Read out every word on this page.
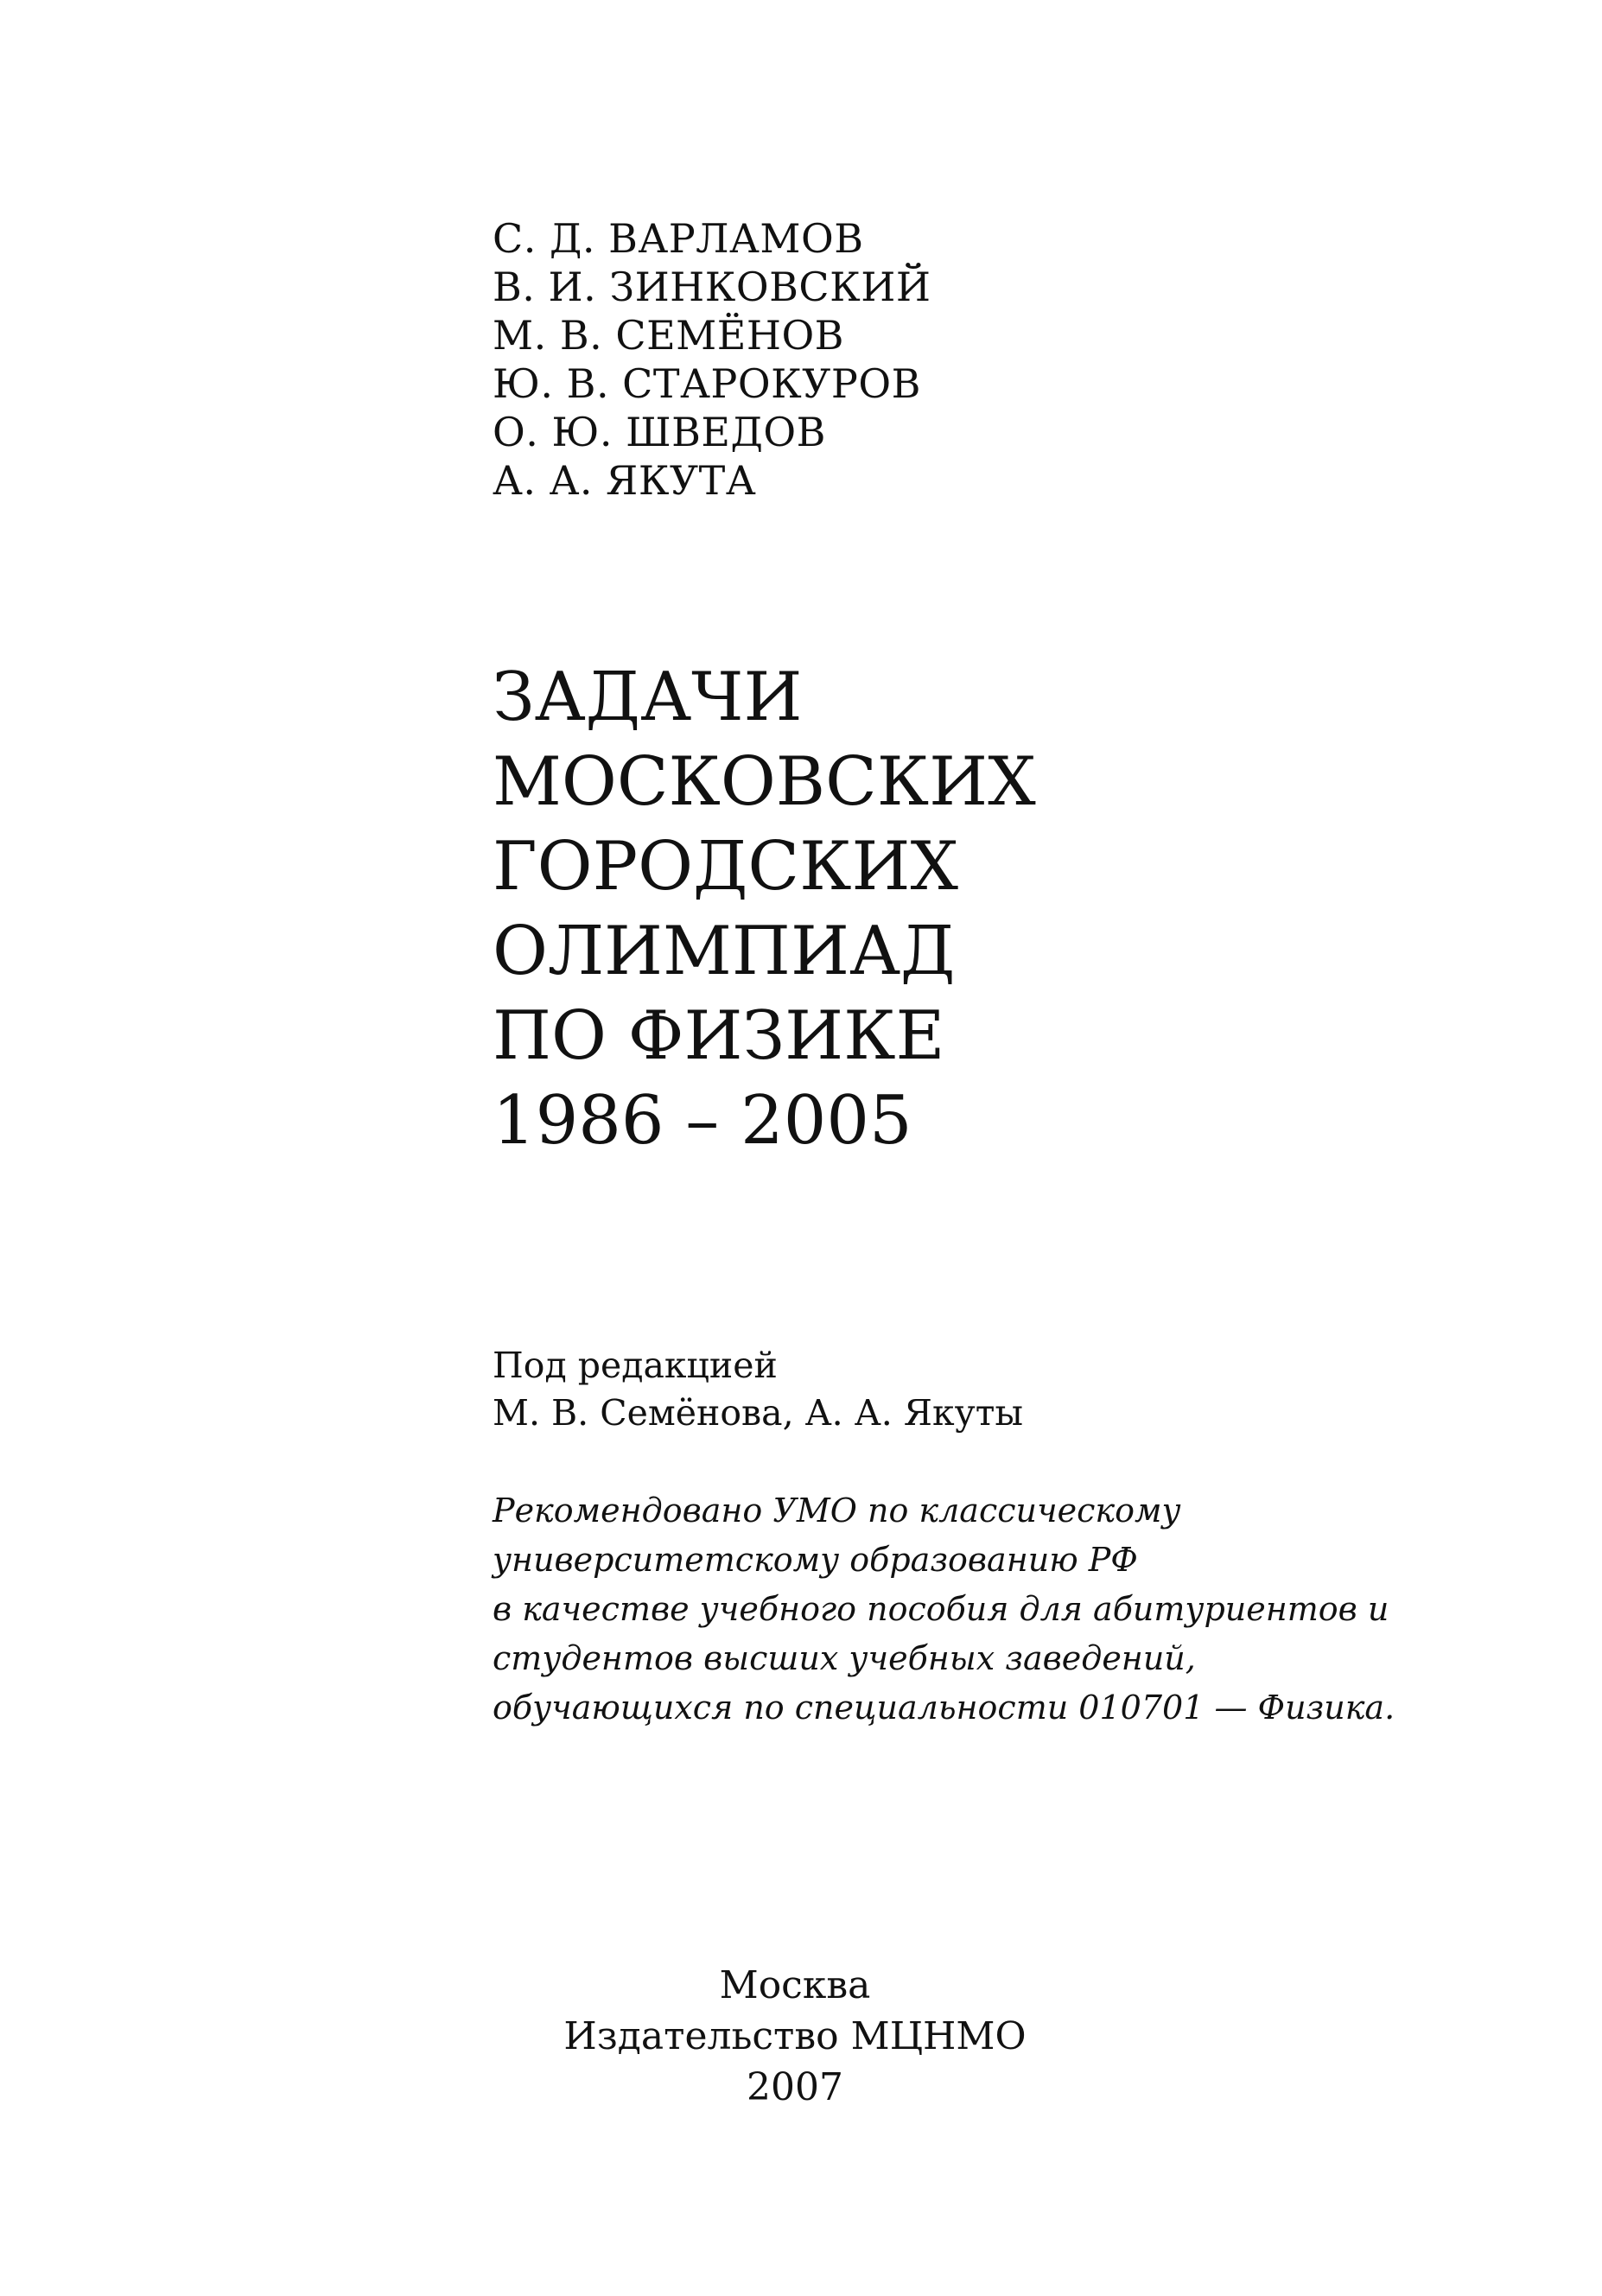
С. Д. ВАРЛАМОВ
В. И. ЗИНКОВСКИЙ
М. В. СЕМЁНОВ
Ю. В. СТАРОКУРОВ
О. Ю. ШВЕДОВ
А. А. ЯКУТА
ЗАДАЧИ
МОСКОВСКИХ
ГОРОДСКИХ
ОЛИМПИАД
ПО ФИЗИКЕ
1986 – 2005
Под редакцией
М. В. Семёнова, А. А. Якуты
Рекомендовано УМО по классическому
университетскому образованию РФ
в качестве учебного пособия для абитуриентов и
студентов высших учебных заведений,
обучающихся по специальности 010701 — Физика.
Москва
Издательство МЦНМО
2007
